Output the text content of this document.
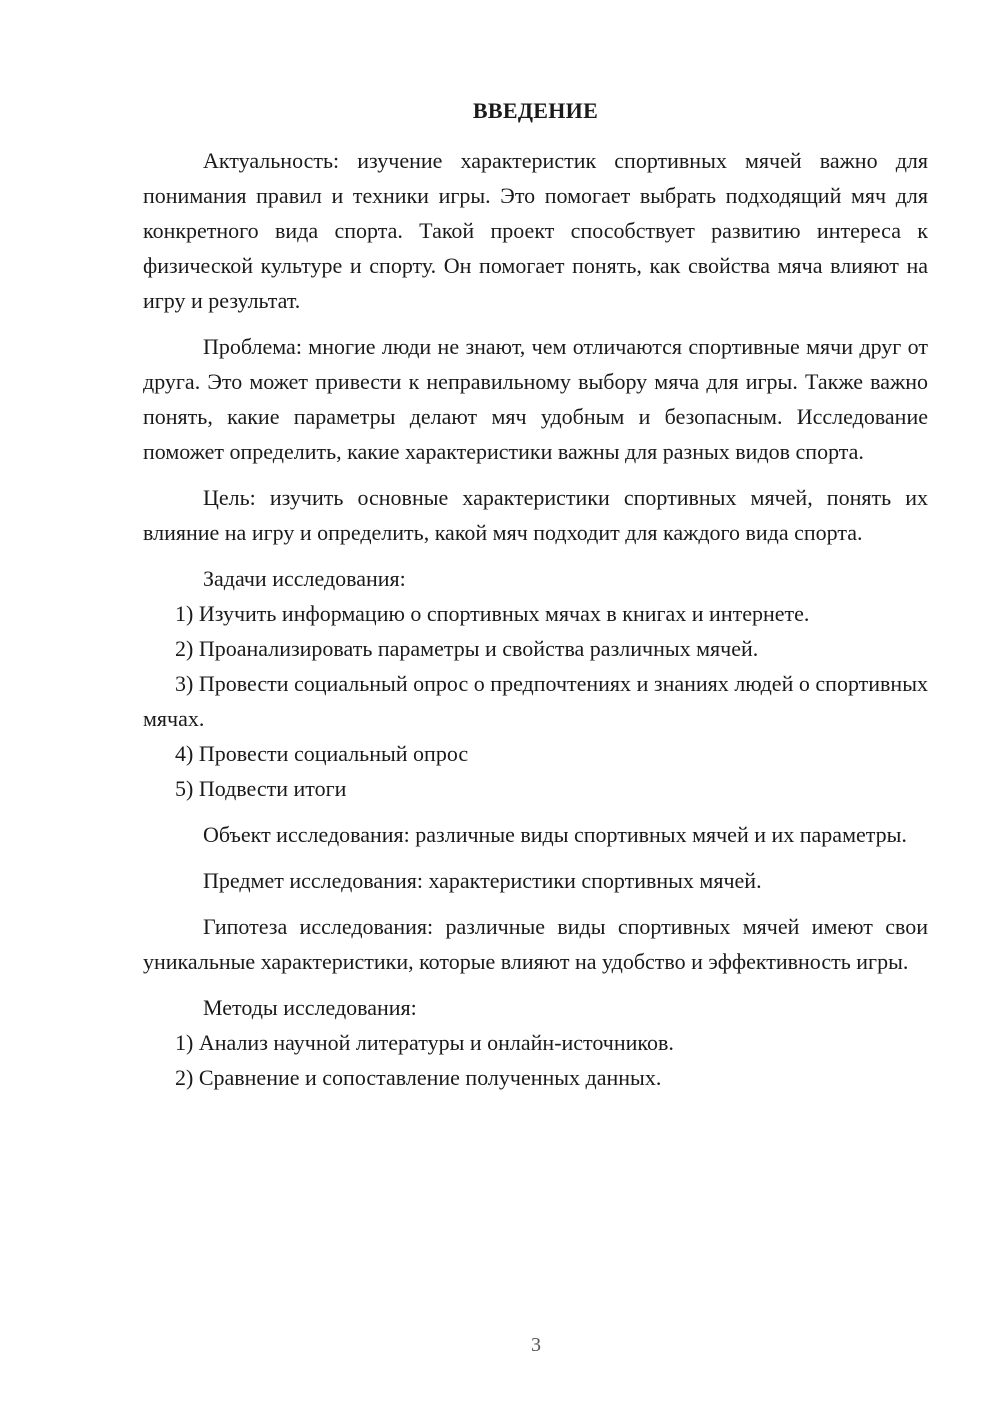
ВВЕДЕНИЕ

Актуальность: изучение характеристик спортивных мячей важно для понимания правил и техники игры. Это помогает выбрать подходящий мяч для конкретного вида спорта. Такой проект способствует развитию интереса к физической культуре и спорту. Он помогает понять, как свойства мяча влияют на игру и результат.

Проблема: многие люди не знают, чем отличаются спортивные мячи друг от друга. Это может привести к неправильному выбору мяча для игры. Также важно понять, какие параметры делают мяч удобным и безопасным. Исследование поможет определить, какие характеристики важны для разных видов спорта.

Цель: изучить основные характеристики спортивных мячей, понять их влияние на игру и определить, какой мяч подходит для каждого вида спорта.

Задачи исследования:

1) Изучить информацию о спортивных мячах в книгах и интернете.

2) Проанализировать параметры и свойства различных мячей.

3) Провести социальный опрос о предпочтениях и знаниях людей о спортивных мячах.

4) Провести социальный опрос

5) Подвести итоги

Объект исследования: различные виды спортивных мячей и их параметры.

Предмет исследования: характеристики спортивных мячей.

Гипотеза исследования: различные виды спортивных мячей имеют свои уникальные характеристики, которые влияют на удобство и эффективность игры.

Методы исследования:

1) Анализ научной литературы и онлайн-источников.

2) Сравнение и сопоставление полученных данных.

3
